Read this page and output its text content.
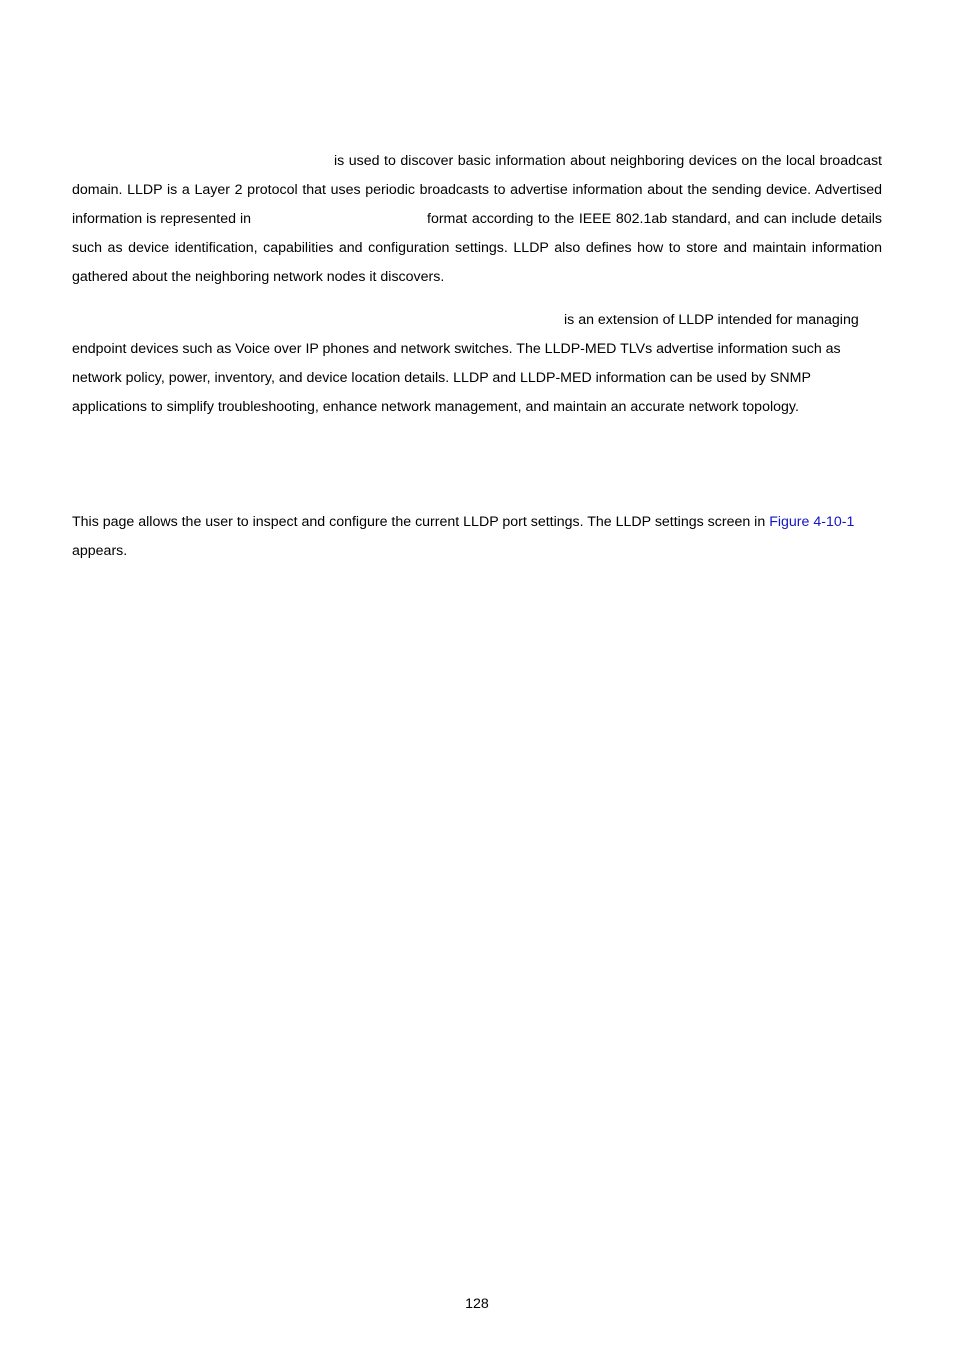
is used to discover basic information about neighboring devices on the local broadcast
domain. LLDP is a Layer 2 protocol that uses periodic broadcasts to advertise information about the sending device. Advertised
information is represented in	format according to the IEEE 802.1ab standard, and can include details
such as device identification, capabilities and configuration settings. LLDP also defines how to store and maintain information
gathered about the neighboring network nodes it discovers.
is an extension of LLDP intended for managing
endpoint devices such as Voice over IP phones and network switches. The LLDP-MED TLVs advertise information such as
network policy, power, inventory, and device location details. LLDP and LLDP-MED information can be used by SNMP
applications to simplify troubleshooting, enhance network management, and maintain an accurate network topology.
This page allows the user to inspect and configure the current LLDP port settings. The LLDP settings screen in Figure 4-10-1
appears.

128
